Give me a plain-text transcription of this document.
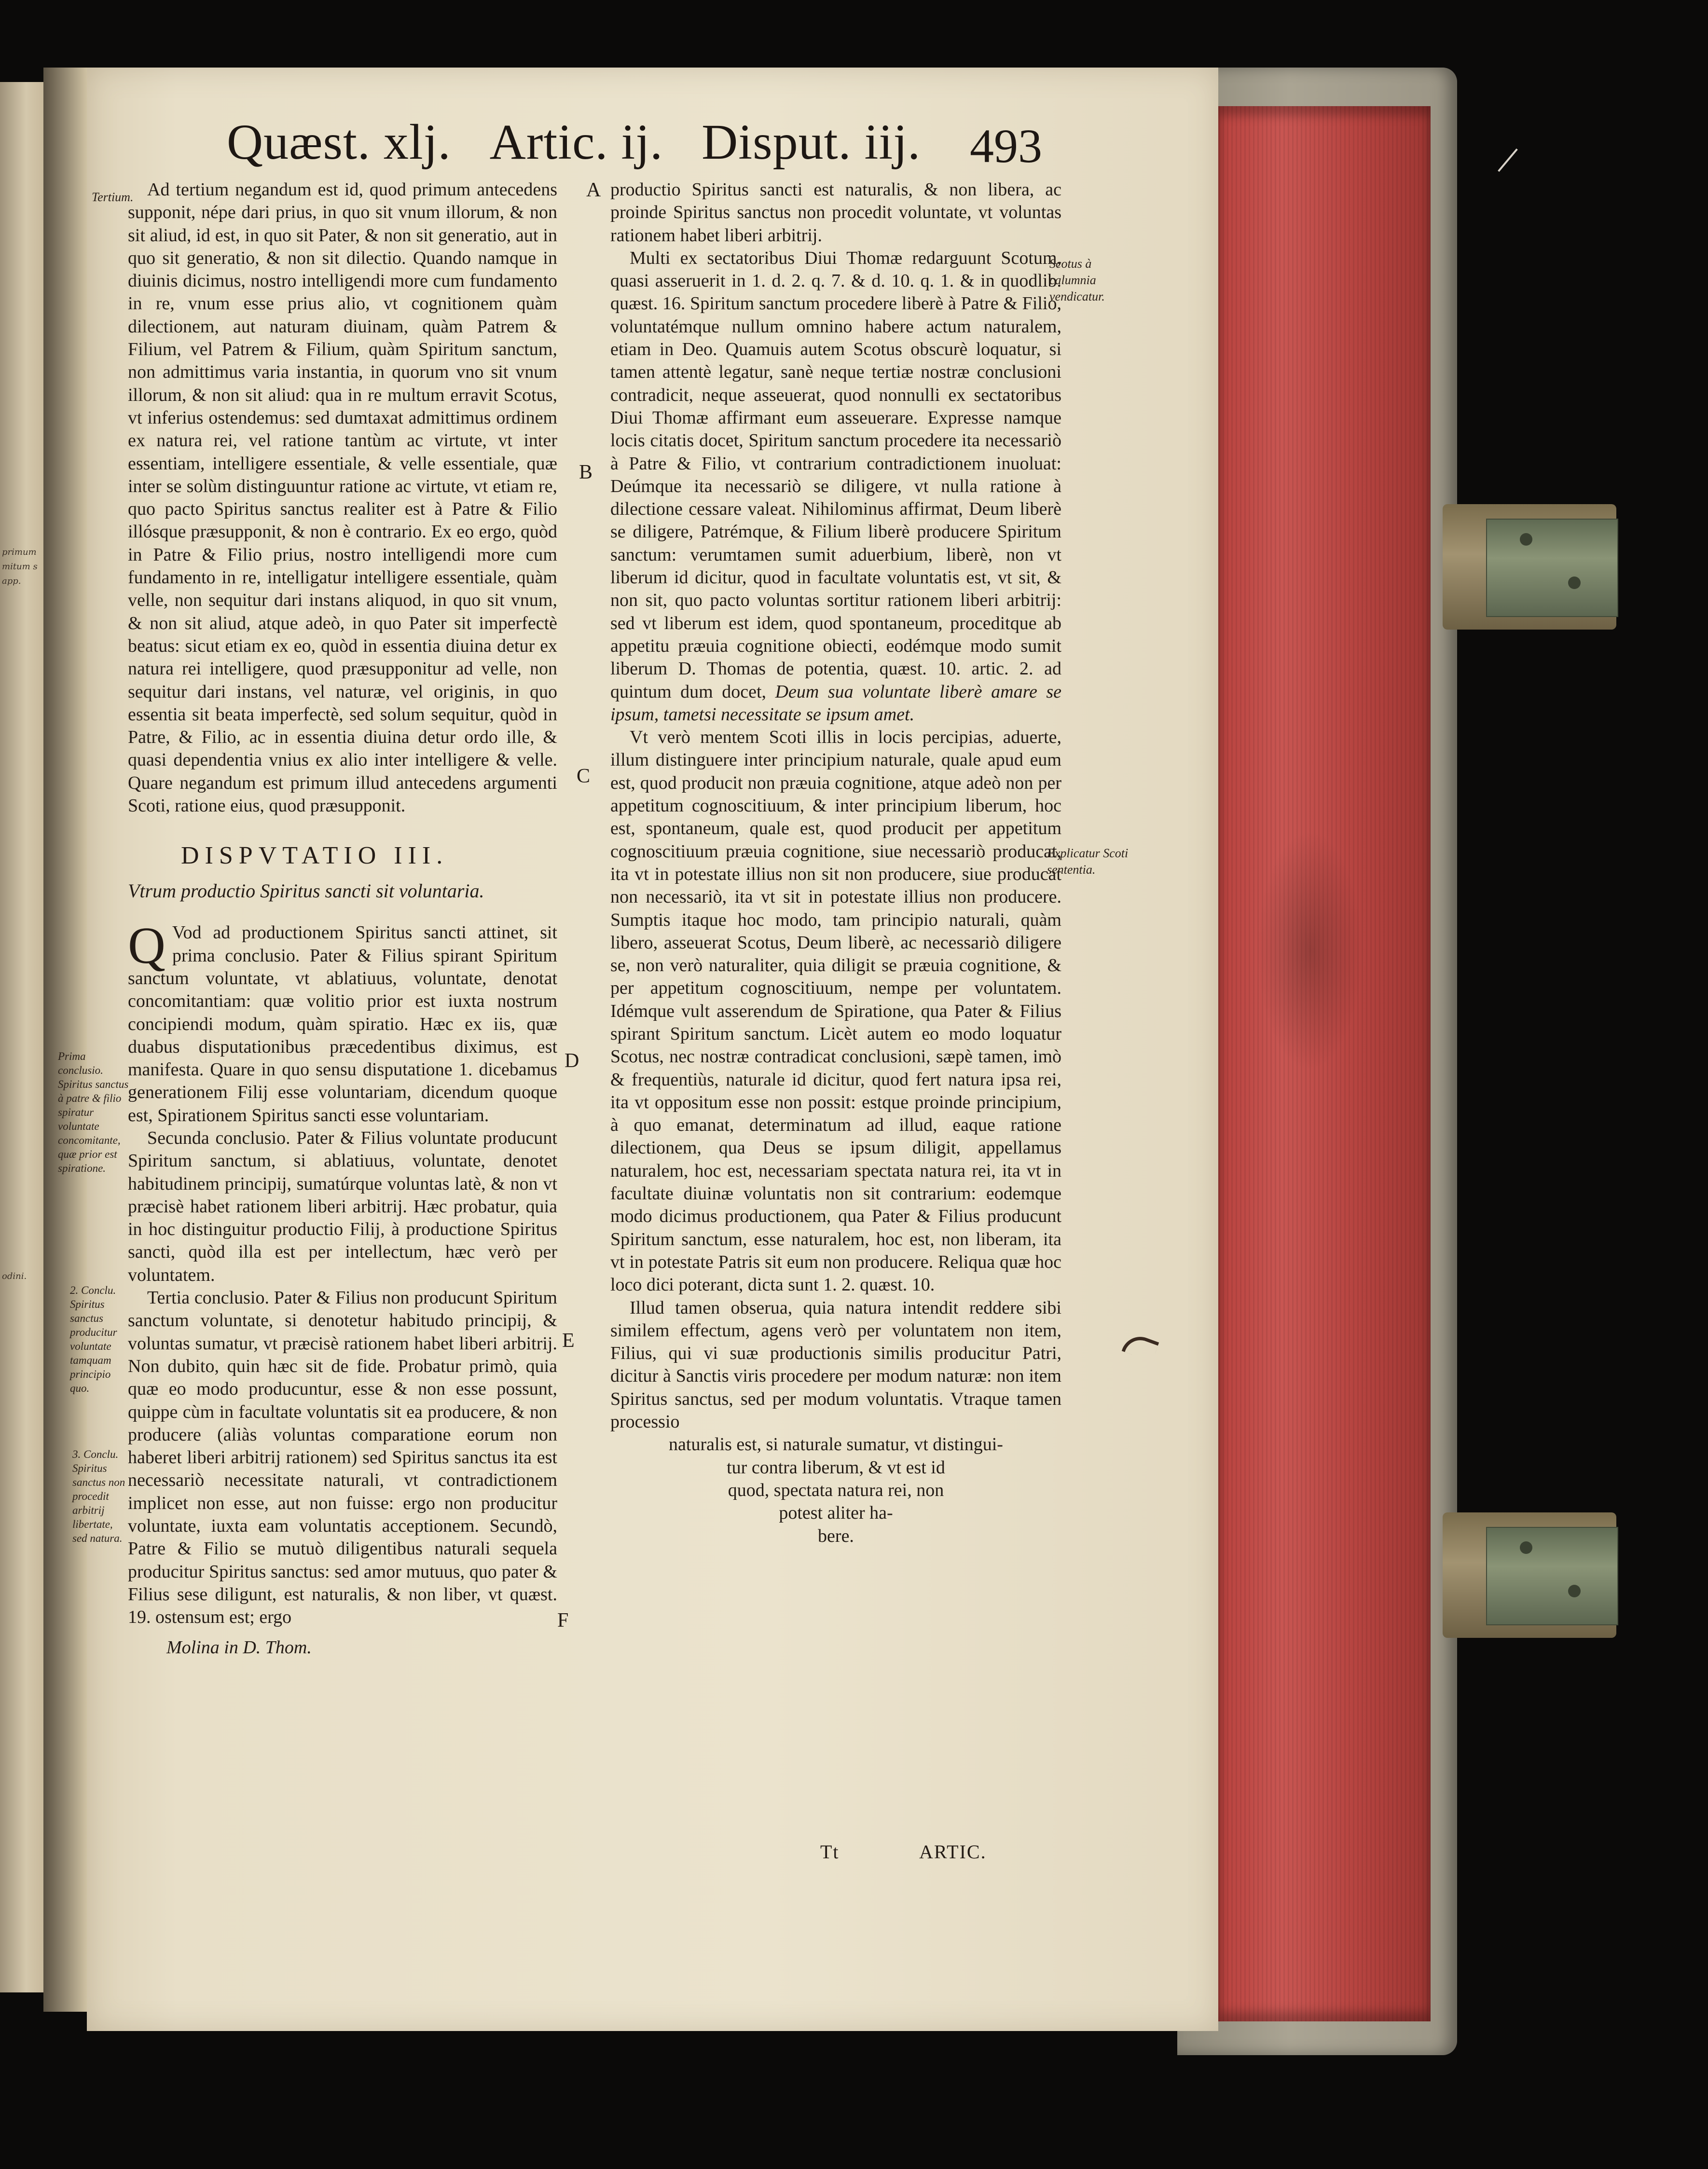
primum mitum s app.
odini.
Quæst. xlj. Artic. ij. Disput. iij.	493

Ad tertium negandum est id, quod primum antecedens supponit, népe dari prius, in quo sit vnum illorum, & non sit aliud, id est, in quo sit Pater, & non sit generatio, aut in quo sit generatio, & non sit dilectio. Quando namque in diuinis dicimus, nostro intelligendi more cum fundamento in re, vnum esse prius alio, vt cognitionem quàm dilectionem, aut naturam diuinam, quàm Patrem & Filium, vel Patrem & Filium, quàm Spiritum sanctum, non admittimus varia instantia, in quorum vno sit vnum illorum, & non sit aliud: qua in re multum erravit Scotus, vt inferius ostendemus: sed dumtaxat admittimus ordinem ex natura rei, vel ratione tantùm ac virtute, vt inter essentiam, intelligere essentiale, & velle essentiale, quæ inter se solùm distinguuntur ratione ac virtute, vt etiam re, quo pacto Spiritus sanctus realiter est à Patre & Filio illósque præsupponit, & non è contrario. Ex eo ergo, quòd in Patre & Filio prius, nostro intelligendi more cum fundamento in re, intelligatur intelligere essentiale, quàm velle, non sequitur dari instans aliquod, in quo sit vnum, & non sit aliud, atque adeò, in quo Pater sit imperfectè beatus: sicut etiam ex eo, quòd in essentia diuina detur ex natura rei intelligere, quod præsupponitur ad velle, non sequitur dari instans, vel naturæ, vel originis, in quo essentia sit beata imperfectè, sed solum sequitur, quòd in Patre, & Filio, ac in essentia diuina detur ordo ille, & quasi dependentia vnius ex alio inter intelligere & velle. Quare negandum est primum illud antecedens argumenti Scoti, ratione eius, quod præsupponit.

DISPVTATIO III.
Vtrum productio Spiritus sancti sit voluntaria.

Q Vod ad productionem Spiritus sancti attinet, sit prima conclusio. Pater & Filius spirant Spiritum sanctum voluntate, vt ablatiuus, voluntate, denotat concomitantiam: quæ volitio prior est iuxta nostrum concipiendi modum, quàm spiratio. Hæc ex iis, quæ duabus disputationibus præcedentibus diximus, est manifesta. Quare in quo sensu disputatione 1. dicebamus generationem Filij esse voluntariam, dicendum quoque est, Spirationem Spiritus sancti esse voluntariam.

Secunda conclusio. Pater & Filius voluntate producunt Spiritum sanctum, si ablatiuus, voluntate, denotet habitudinem principij, sumatúrque voluntas latè, & non vt præcisè habet rationem liberi arbitrij. Hæc probatur, quia in hoc distinguitur productio Filij, à productione Spiritus sancti, quòd illa est per intellectum, hæc verò per voluntatem.

Tertia conclusio. Pater & Filius non producunt Spiritum sanctum voluntate, si denotetur habitudo principij, & voluntas sumatur, vt præcisè rationem habet liberi arbitrij. Non dubito, quin hæc sit de fide. Probatur primò, quia quæ eo modo producuntur, esse & non esse possunt, quippe cùm in facultate voluntatis sit ea producere, & non producere (aliàs voluntas comparatione eorum non haberet liberi arbitrij rationem) sed Spiritus sanctus ita est necessariò necessitate naturali, vt contradictionem implicet non esse, aut non fuisse: ergo non producitur voluntate, iuxta eam voluntatis acceptionem. Secundò, Patre & Filio se mutuò diligentibus naturali sequela producitur Spiritus sanctus: sed amor mutuus, quo pater & Filius sese diligunt, est naturalis, & non liber, vt quæst. 19. ostensum est; ergo

Molina in D. Thom.
Tertium.
Prima conclusio. Spiritus sanctus à patre & filio spiratur voluntate concomitante, quæ prior est spiratione.
2. Conclu. Spiritus sanctus producitur voluntate tamquam principio quo.
3. Conclu. Spiritus sanctus non procedit arbitrij libertate, sed natura.
A
B
C
D
E
F

productio Spiritus sancti est naturalis, & non libera, ac proinde Spiritus sanctus non procedit voluntate, vt voluntas rationem habet liberi arbitrij.

Multi ex sectatoribus Diui Thomæ redarguunt Scotum, quasi asseruerit in 1. d. 2. q. 7. & d. 10. q. 1. & in quodlib. quæst. 16. Spiritum sanctum procedere liberè à Patre & Filio, voluntatémque nullum omnino habere actum naturalem, etiam in Deo. Quamuis autem Scotus obscurè loquatur, si tamen attentè legatur, sanè neque tertiæ nostræ conclusioni contradicit, neque asseuerat, quod nonnulli ex sectatoribus Diui Thomæ affirmant eum asseuerare. Expresse namque locis citatis docet, Spiritum sanctum procedere ita necessariò à Patre & Filio, vt contrarium contradictionem inuoluat: Deúmque ita necessariò se diligere, vt nulla ratione à dilectione cessare valeat. Nihilominus affirmat, Deum liberè se diligere, Patrémque, & Filium liberè producere Spiritum sanctum: verumtamen sumit aduerbium, liberè, non vt liberum id dicitur, quod in facultate voluntatis est, vt sit, & non sit, quo pacto voluntas sortitur rationem liberi arbitrij: sed vt liberum est idem, quod spontaneum, proceditque ab appetitu præuia cognitione obiecti, eodémque modo sumit liberum D. Thomas de potentia, quæst. 10. artic. 2. ad quintum dum docet, Deum sua voluntate liberè amare se ipsum, tametsi necessitate se ipsum amet.

Vt verò mentem Scoti illis in locis percipias, aduerte, illum distinguere inter principium naturale, quale apud eum est, quod producit non præuia cognitione, atque adeò non per appetitum cognoscitiuum, & inter principium liberum, hoc est, spontaneum, quale est, quod producit per appetitum cognoscitiuum præuia cognitione, siue necessariò producat, ita vt in potestate illius non sit non producere, siue producat non necessariò, ita vt sit in potestate illius non producere. Sumptis itaque hoc modo, tam principio naturali, quàm libero, asseuerat Scotus, Deum liberè, ac necessariò diligere se, non verò naturaliter, quia diligit se præuia cognitione, & per appetitum cognoscitiuum, nempe per voluntatem. Idémque vult asserendum de Spiratione, qua Pater & Filius spirant Spiritum sanctum. Licèt autem eo modo loquatur Scotus, nec nostræ contradicat conclusioni, sæpè tamen, imò & frequentiùs, naturale id dicitur, quod fert natura ipsa rei, ita vt oppositum esse non possit: estque proinde principium, à quo emanat, determinatum ad illud, eaque ratione dilectionem, qua Deus se ipsum diligit, appellamus naturalem, hoc est, necessariam spectata natura rei, ita vt in facultate diuinæ voluntatis non sit contrarium: eodemque modo dicimus productionem, qua Pater & Filius producunt Spiritum sanctum, esse naturalem, hoc est, non liberam, ita vt in potestate Patris sit eum non producere. Reliqua quæ hoc loco dici poterant, dicta sunt 1. 2. quæst. 10.

Illud tamen obserua, quia natura intendit reddere sibi similem effectum, agens verò per voluntatem non item, Filius, qui vi suæ productionis similis producitur Patri, dicitur à Sanctis viris procedere per modum naturæ: non item Spiritus sanctus, sed per modum voluntatis. Vtraque tamen processio

naturalis est, si naturale sumatur, vt distingui-

tur contra liberum, & vt est id

quod, spectata natura rei, non

potest aliter ha-

bere.

Scotus à calumnia vendicatur.
Explicatur Scoti sententia.
Tt	ARTIC.
